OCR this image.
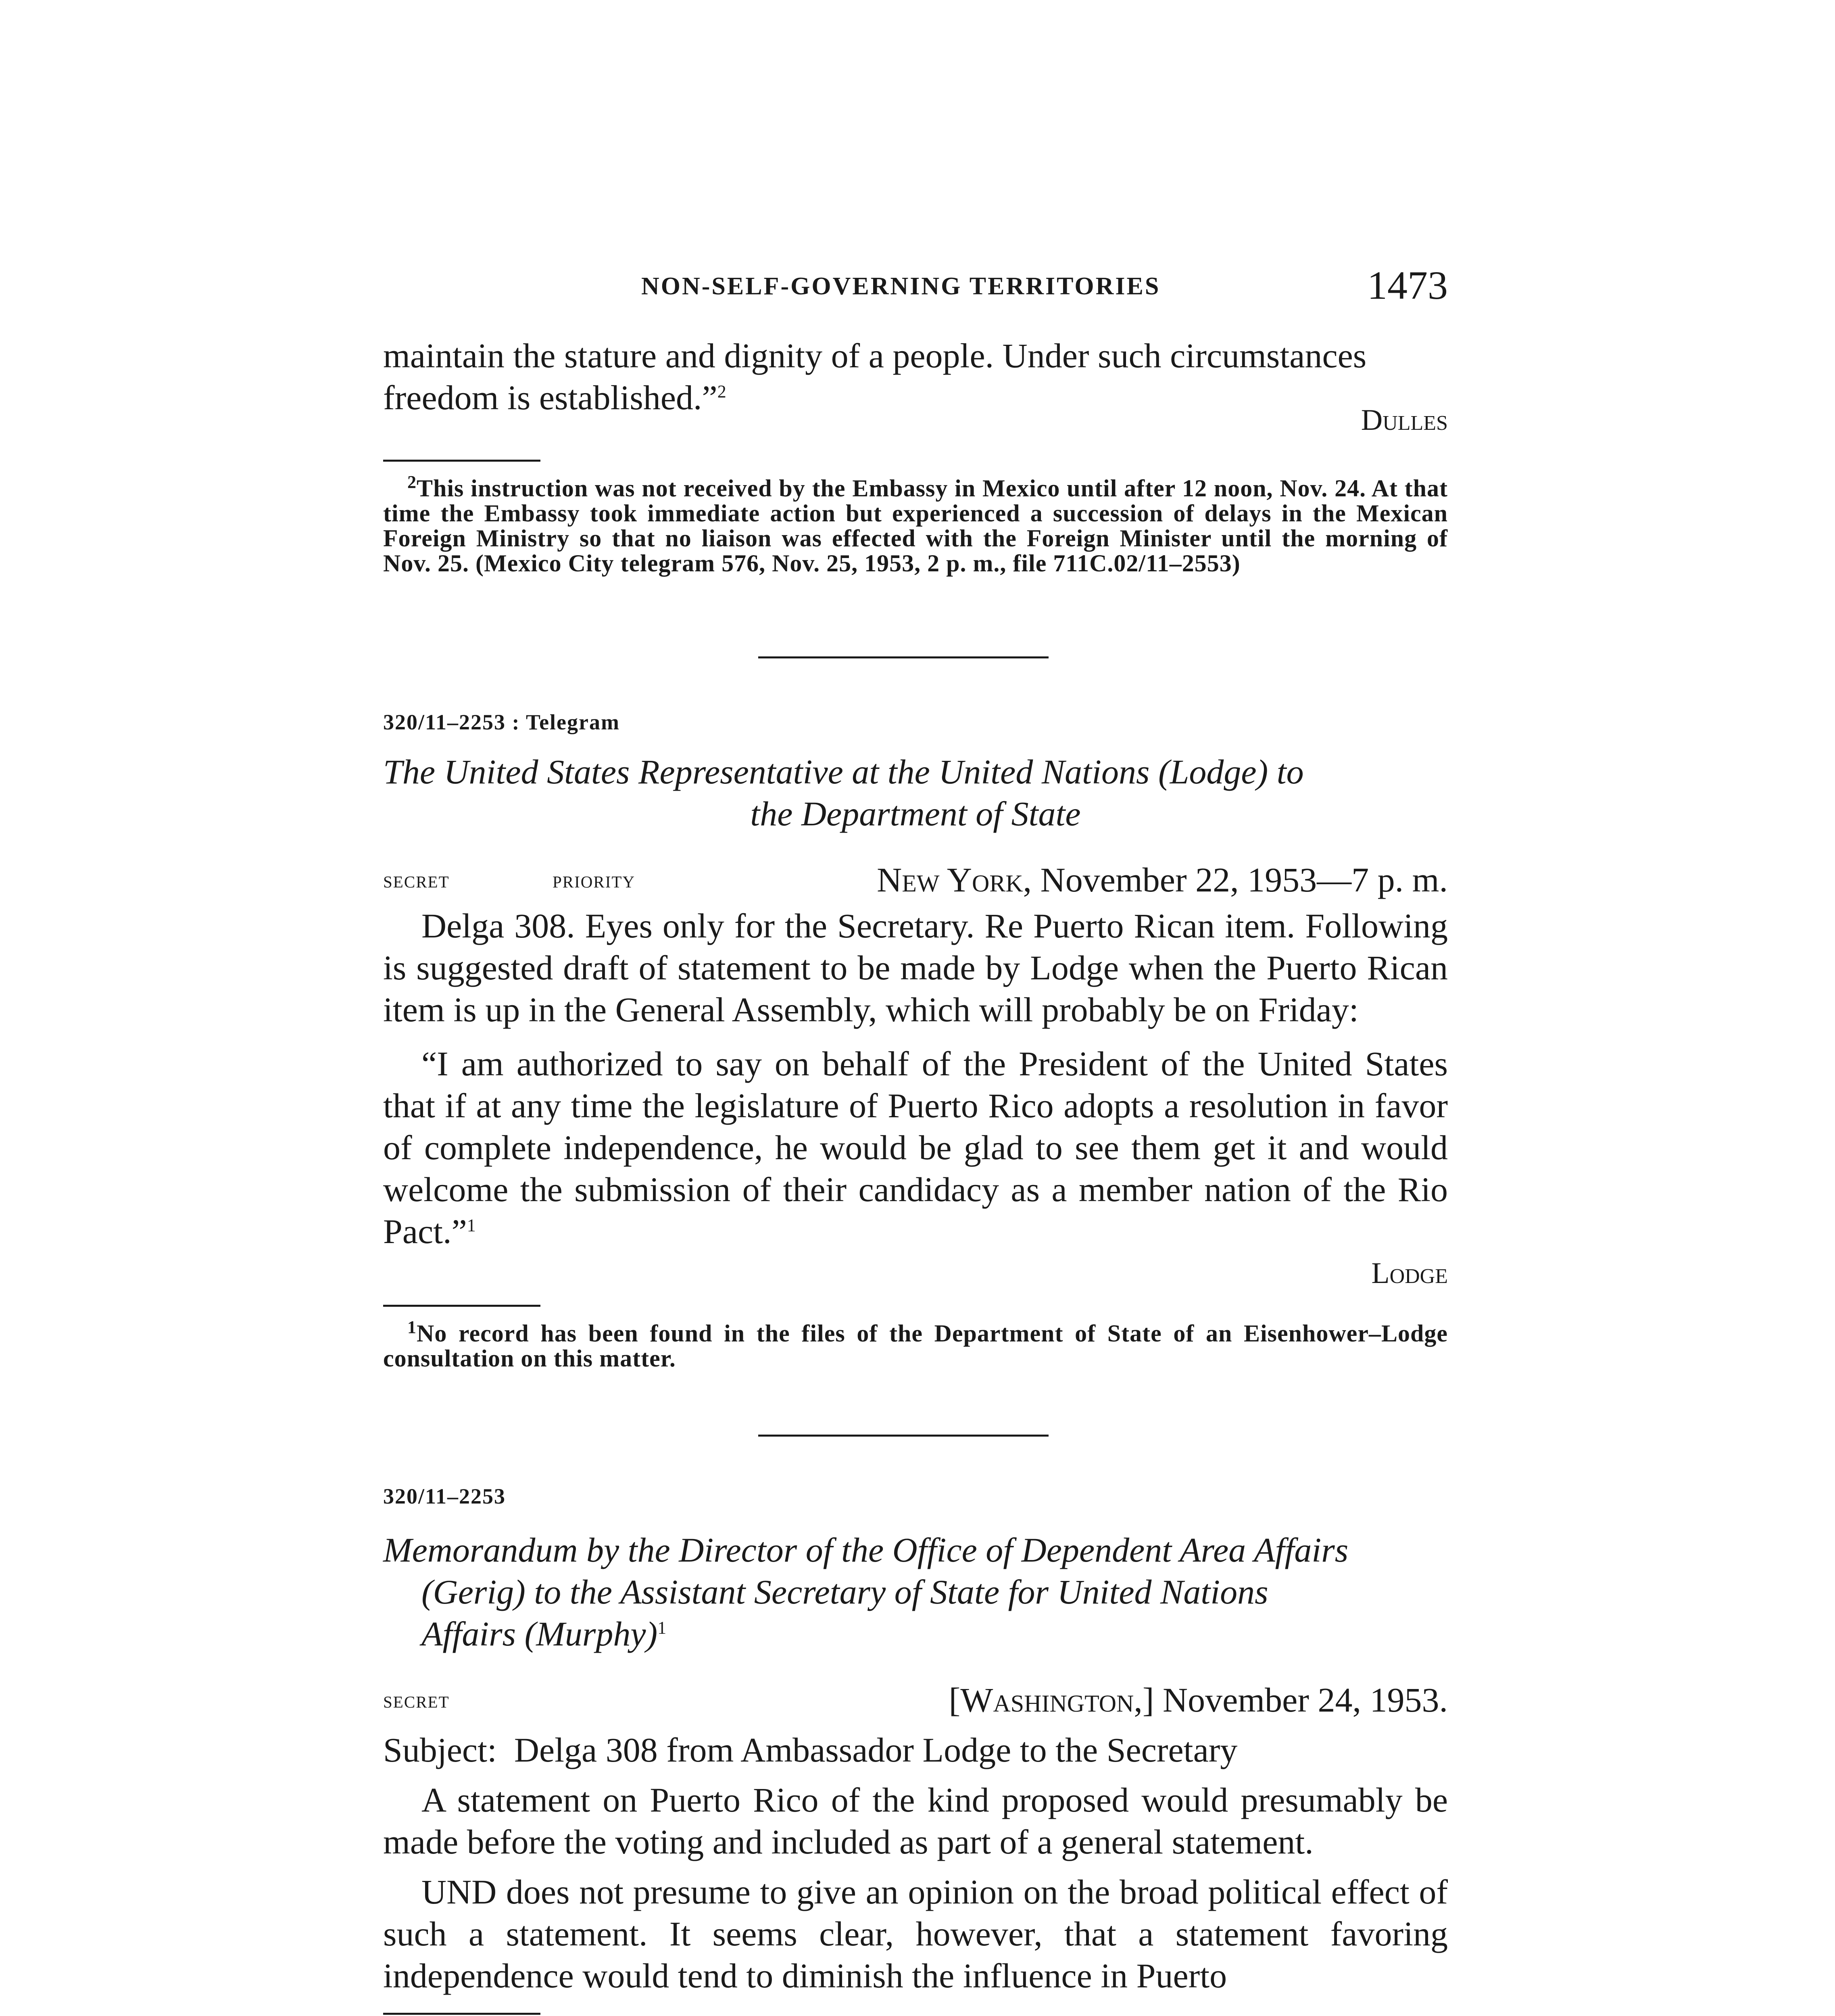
NON-SELF-GOVERNING TERRITORIES	1473

maintain the stature and dignity of a people. Under such circumstances freedom is established.”$^2$

Dulles

$^2$This instruction was not received by the Embassy in Mexico until after 12 noon, Nov. 24. At that time the Embassy took immediate action but experienced a succession of delays in the Mexican Foreign Ministry so that no liaison was effected with the Foreign Minister until the morning of Nov. 25. (Mexico City telegram 576, Nov. 25, 1953, 2 p. m., file 711C.02/11–2553)

320/11–2253 : Telegram

The United States Representative at the United Nations (Lodge) to

the Department of State

secret	priority	New York, November 22, 1953—7 p. m.

Delga 308. Eyes only for the Secretary. Re Puerto Rican item. Following is suggested draft of statement to be made by Lodge when the Puerto Rican item is up in the General Assembly, which will probably be on Friday:

“I am authorized to say on behalf of the President of the United States that if at any time the legislature of Puerto Rico adopts a resolution in favor of complete independence, he would be glad to see them get it and would welcome the submission of their candidacy as a member nation of the Rio Pact.”$^1$

Lodge

$^1$No record has been found in the files of the Department of State of an Eisenhower–Lodge consultation on this matter.

320/11–2253

Memorandum by the Director of the Office of Dependent Area Affairs

(Gerig) to the Assistant Secretary of State for United Nations

Affairs (Murphy)$^1$

secret	[Washington,] November 24, 1953.

Subject: Delga 308 from Ambassador Lodge to the Secretary

A statement on Puerto Rico of the kind proposed would presumably be made before the voting and included as part of a general statement.

UND does not presume to give an opinion on the broad political effect of such a statement. It seems clear, however, that a statement favoring independence would tend to diminish the influence in Puerto
